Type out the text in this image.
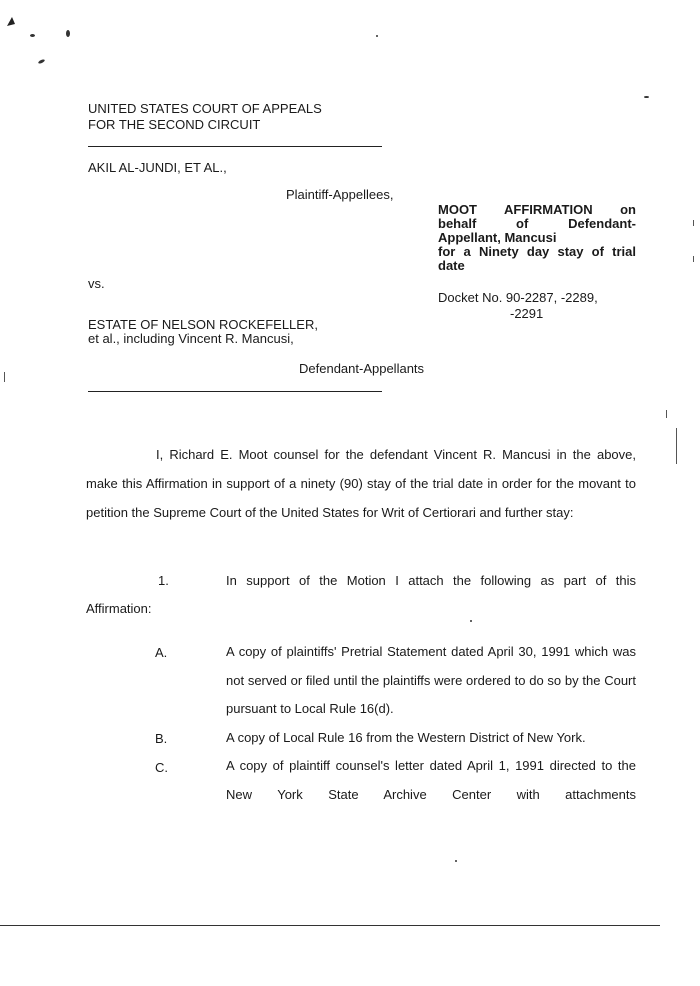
UNITED STATES COURT OF APPEALS
FOR THE SECOND CIRCUIT
AKIL AL-JUNDI, ET AL.,
Plaintiff-Appellees,
vs.
ESTATE OF NELSON ROCKEFELLER,
et al., including Vincent R. Mancusi,
Defendant-Appellants
MOOT AFFIRMATION on
behalf of Defendant-
Appellant, Mancusi
for a Ninety day stay of trial
date
Docket No. 90-2287, -2289,
-2291
I, Richard E. Moot counsel for the defendant Vincent R. Mancusi in the above, make this Affirmation in support of a ninety (90) stay of the trial date in order for the movant to petition the Supreme Court of the United States for Writ of Certiorari and further stay:
1.	In support of the Motion I attach the following as part of this
Affirmation:
A.	A copy of plaintiffs' Pretrial Statement dated April 30, 1991 which was not served or filed until the plaintiffs were ordered to do so by the Court pursuant to Local Rule 16(d).
B.	A copy of Local Rule 16 from the Western District of New York.
C.	A copy of plaintiff counsel's letter dated April 1, 1991 directed to the New York State Archive Center with attachments
